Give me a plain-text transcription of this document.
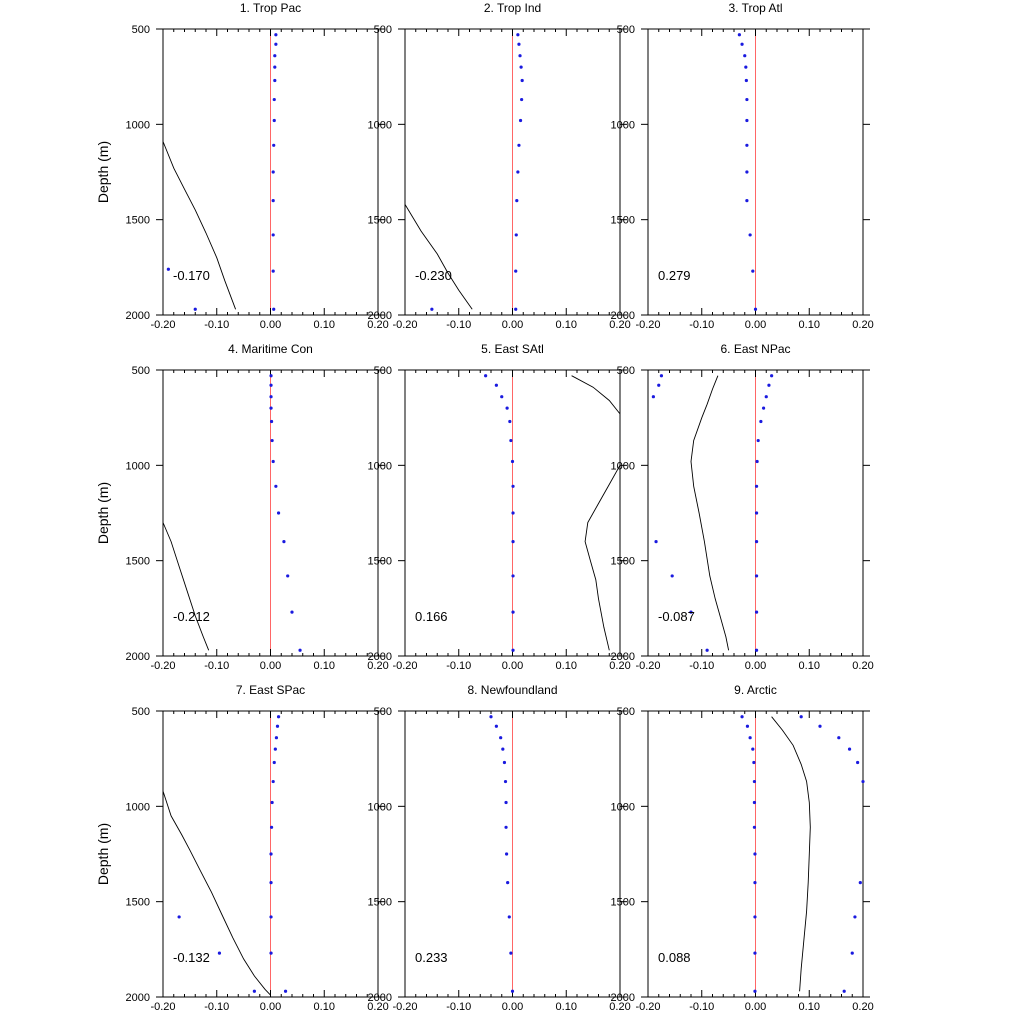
1. Trop Pac
-0.20	-0.10	0.00	0.10	0.20
500
1000
1500
2000
Depth (m)
-0.170
2. Trop Ind
-0.20	-0.10	0.00	0.10	0.20
500
1000
1500
2000
-0.230
3. Trop Atl
-0.20	-0.10	0.00	0.10	0.20
500
1000
1500
2000
0.279
4. Maritime Con
-0.20	-0.10	0.00	0.10	0.20
500
1000
1500
2000
Depth (m)
-0.212
5. East SAtl
-0.20	-0.10	0.00	0.10	0.20
500
1000
1500
2000
0.166
6. East NPac
-0.20	-0.10	0.00	0.10	0.20
500
1000
1500
2000
-0.087
7. East SPac
-0.20	-0.10	0.00	0.10	0.20
500
1000
1500
2000
Depth (m)
-0.132
8. Newfoundland
-0.20	-0.10	0.00	0.10	0.20
500
1000
1500
2000
0.233
9. Arctic
-0.20	-0.10	0.00	0.10	0.20
500
1000
1500
2000
0.088
